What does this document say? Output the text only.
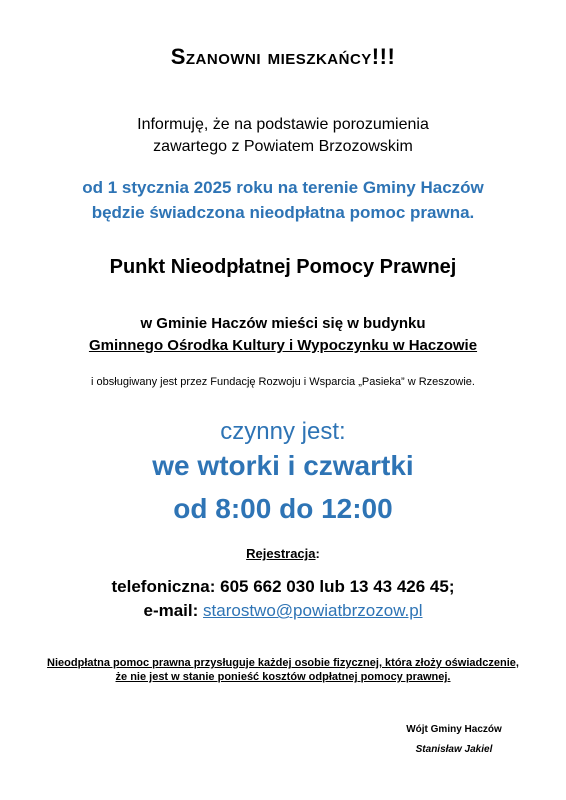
Szanowni mieszkańcy!!!

Informuję, że na podstawie porozumienia

zawartego z Powiatem Brzozowskim

od 1 stycznia 2025 roku na terenie Gminy Haczów

będzie świadczona nieodpłatna pomoc prawna.

Punkt Nieodpłatnej Pomocy Prawnej

w Gminie Haczów mieści się w budynku

Gminnego Ośrodka Kultury i Wypoczynku w Haczowie

i obsługiwany jest przez Fundację Rozwoju i Wsparcia „Pasieka” w Rzeszowie.

czynny jest:

we wtorki i czwartki

od 8:00 do 12:00

Rejestracja:

telefoniczna: 605 662 030 lub 13 43 426 45;

e-mail: starostwo@powiatbrzozow.pl

Nieodpłatna pomoc prawna przysługuje każdej osobie fizycznej, która złoży oświadczenie,

że nie jest w stanie ponieść kosztów odpłatnej pomocy prawnej.

Wójt Gminy Haczów

Stanisław Jakiel
